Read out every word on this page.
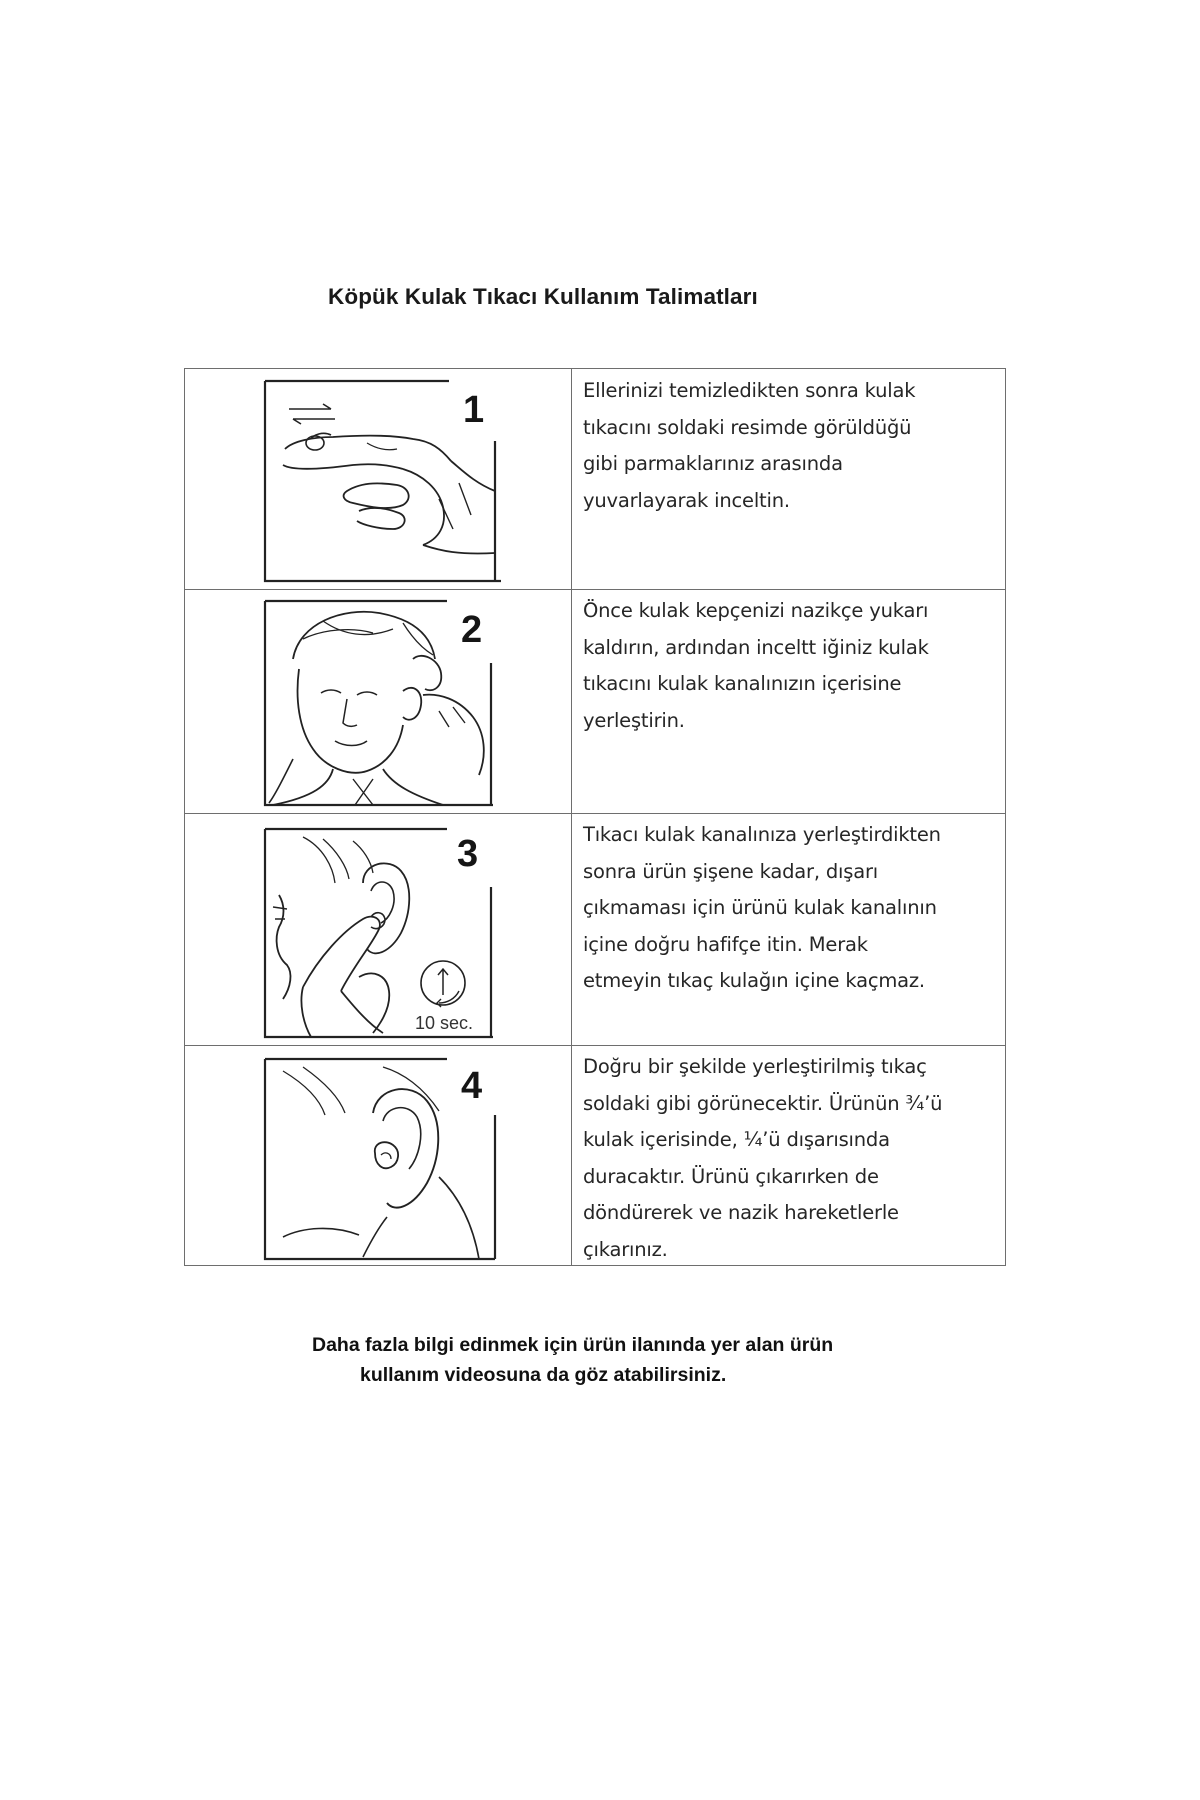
Köpük Kulak Tıkacı Kullanım Talimatları
1	Ellerinizi temizledikten sonra kulak
tıkacını soldaki resimde görüldüğü
gibi parmaklarınız arasında
yuvarlayarak inceltin.
2	Önce kulak kepçenizi nazikçe yukarı
kaldırın, ardından inceltt iğiniz kulak
tıkacını kulak kanalınızın içerisine
yerleştirin.
10 sec.
3	Tıkacı kulak kanalınıza yerleştirdikten
sonra ürün şişene kadar, dışarı
çıkmaması için ürünü kulak kanalının
içine doğru hafifçe itin. Merak
etmeyin tıkaç kulağın içine kaçmaz.
4	Doğru bir şekilde yerleştirilmiş tıkaç
soldaki gibi görünecektir. Ürünün ¾’ü
kulak içerisinde, ¼’ü dışarısında
duracaktır. Ürünü çıkarırken de
döndürerek ve nazik hareketlerle
çıkarınız.
Daha fazla bilgi edinmek için ürün ilanında yer alan ürün
kullanım videosuna da göz atabilirsiniz.
